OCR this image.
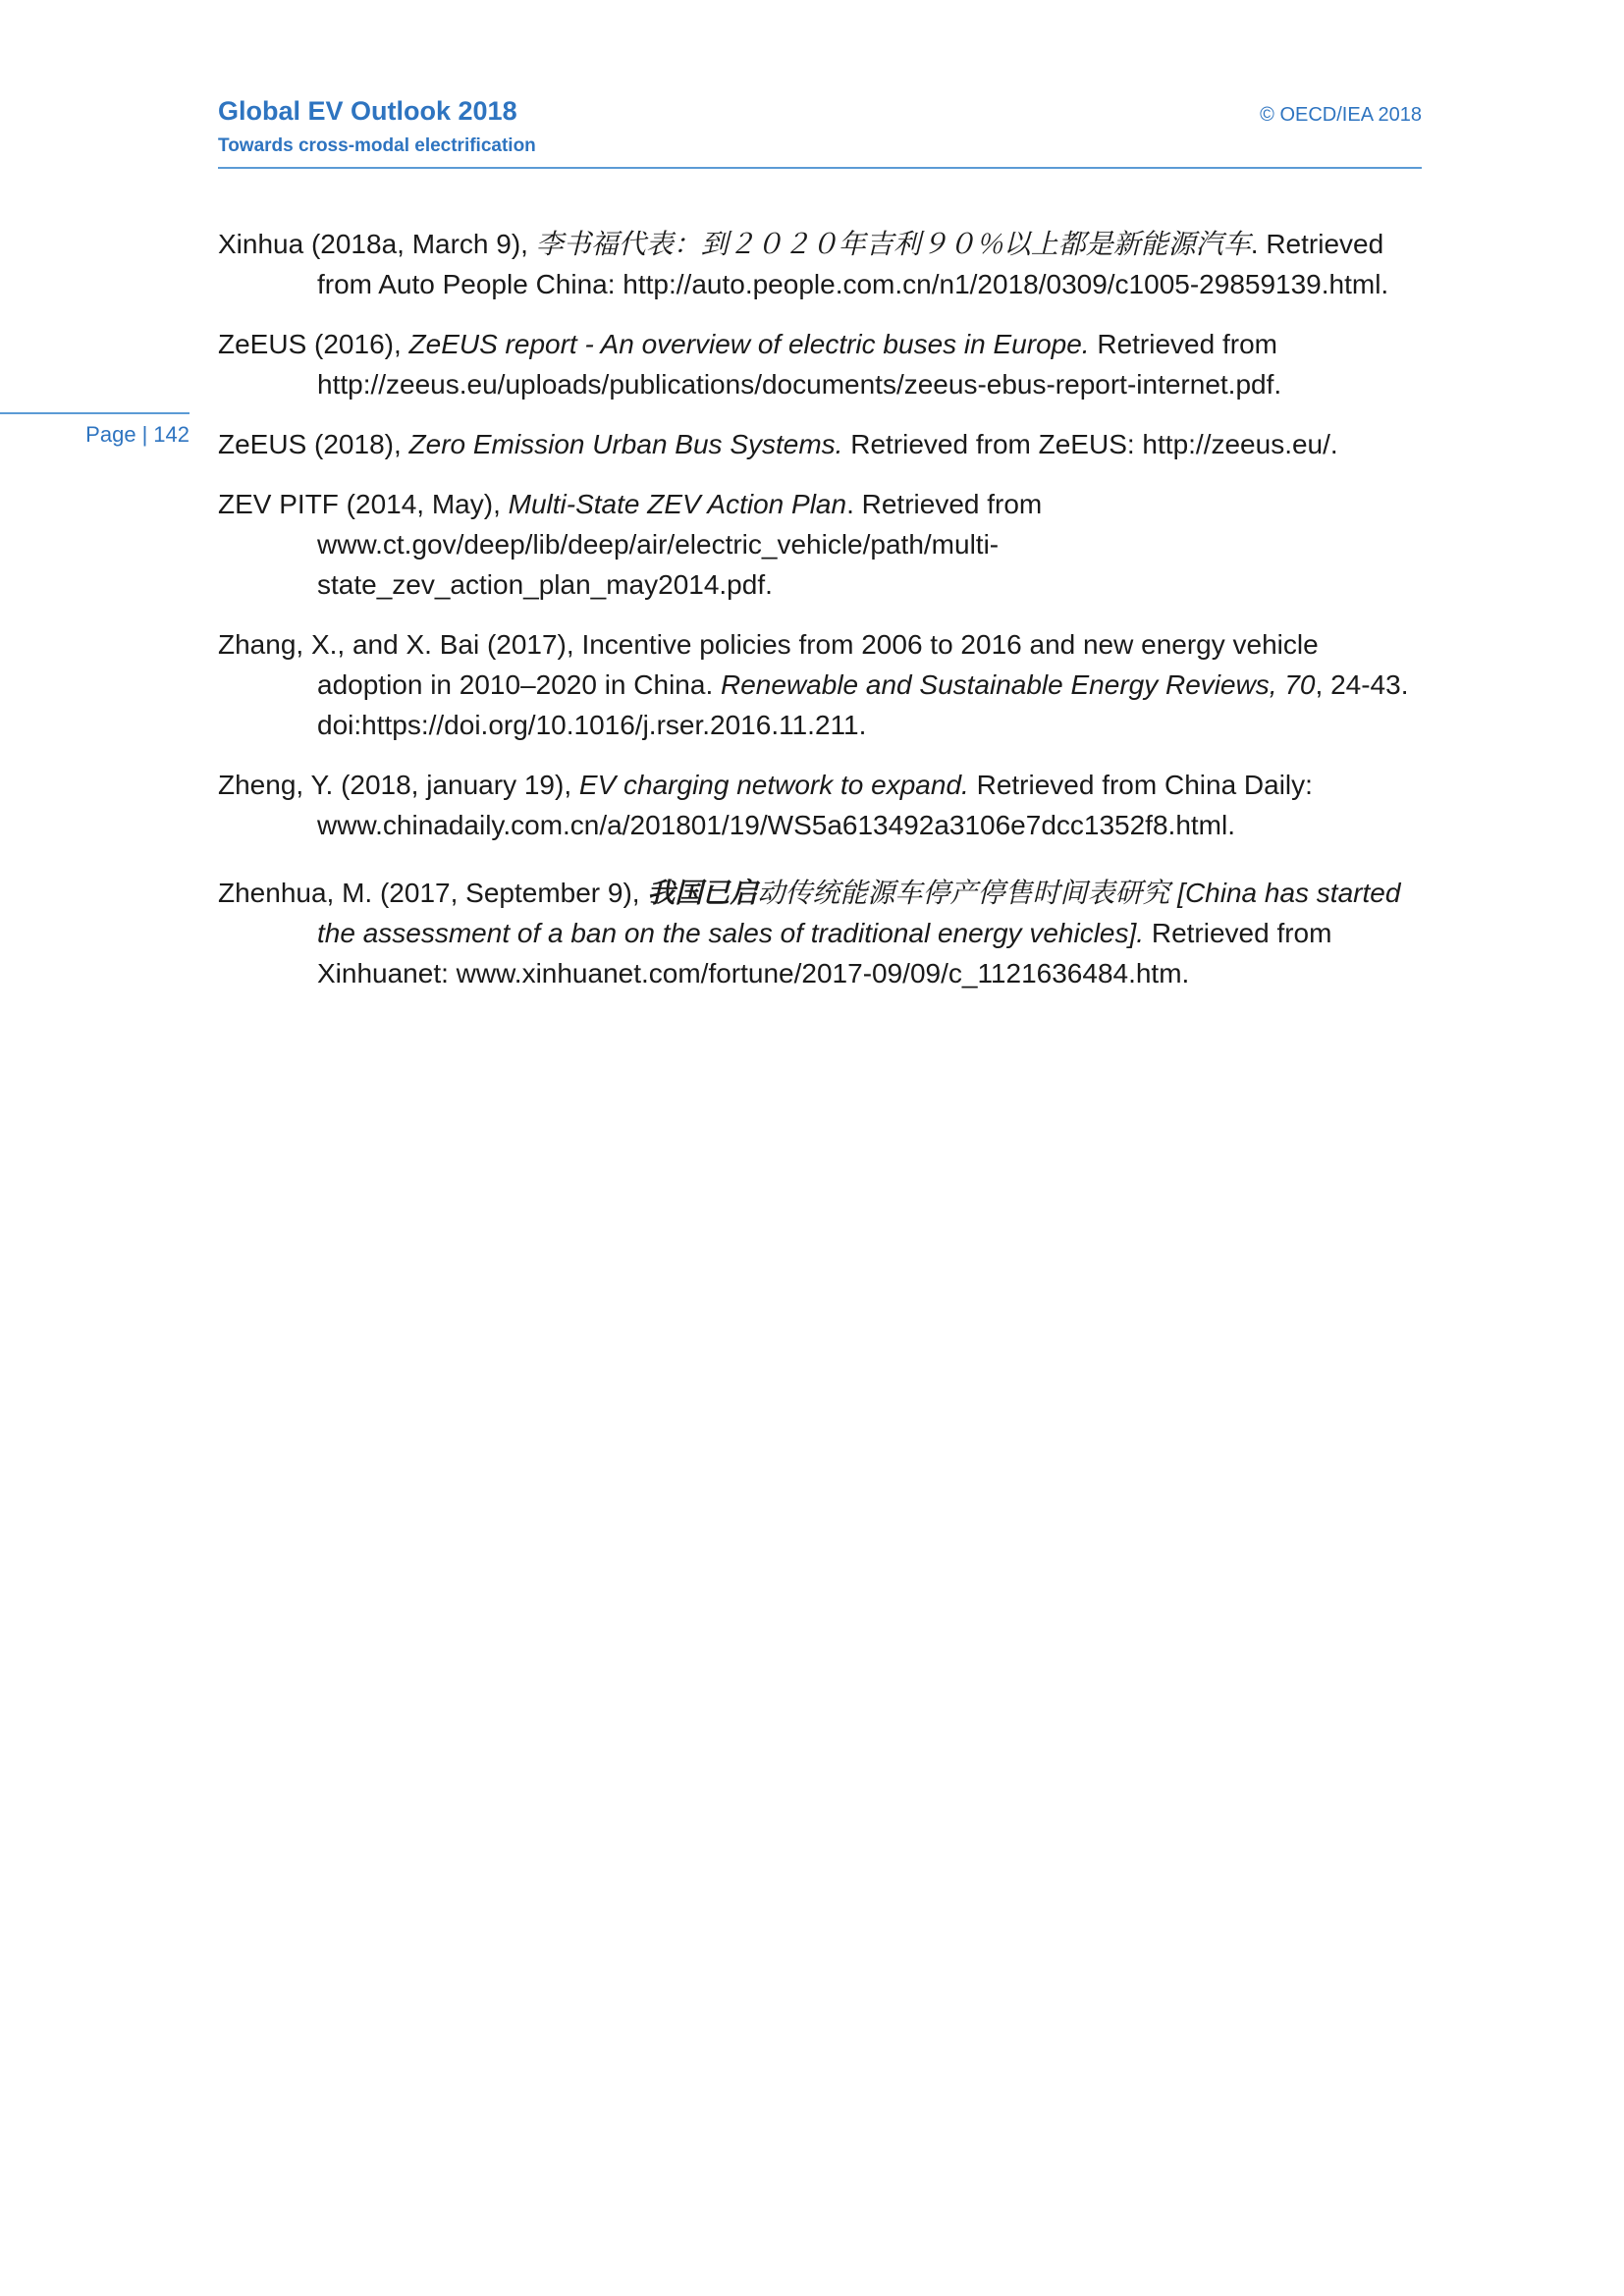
Global EV Outlook 2018
Towards cross-modal electrification
© OECD/IEA 2018
Page | 142
Xinhua (2018a, March 9), 李书福代表：到２０２０年吉利９０％以上都是新能源汽车. Retrieved from Auto People China: http://auto.people.com.cn/n1/2018/0309/c1005-29859139.html.
ZeEUS (2016), ZeEUS report - An overview of electric buses in Europe. Retrieved from http://zeeus.eu/uploads/publications/documents/zeeus-ebus-report-internet.pdf.
ZeEUS (2018), Zero Emission Urban Bus Systems. Retrieved from ZeEUS: http://zeeus.eu/.
ZEV PITF (2014, May), Multi-State ZEV Action Plan. Retrieved from www.ct.gov/deep/lib/deep/air/electric_vehicle/path/multi-state_zev_action_plan_may2014.pdf.
Zhang, X., and X. Bai (2017), Incentive policies from 2006 to 2016 and new energy vehicle adoption in 2010–2020 in China. Renewable and Sustainable Energy Reviews, 70, 24-43. doi:https://doi.org/10.1016/j.rser.2016.11.211.
Zheng, Y. (2018, january 19), EV charging network to expand. Retrieved from China Daily: www.chinadaily.com.cn/a/201801/19/WS5a613492a3106e7dcc1352f8.html.
Zhenhua, M. (2017, September 9), 我国已启动传统能源车停产停售时间表研究 [China has started the assessment of a ban on the sales of traditional energy vehicles]. Retrieved from Xinhuanet: www.xinhuanet.com/fortune/2017-09/09/c_1121636484.htm.
